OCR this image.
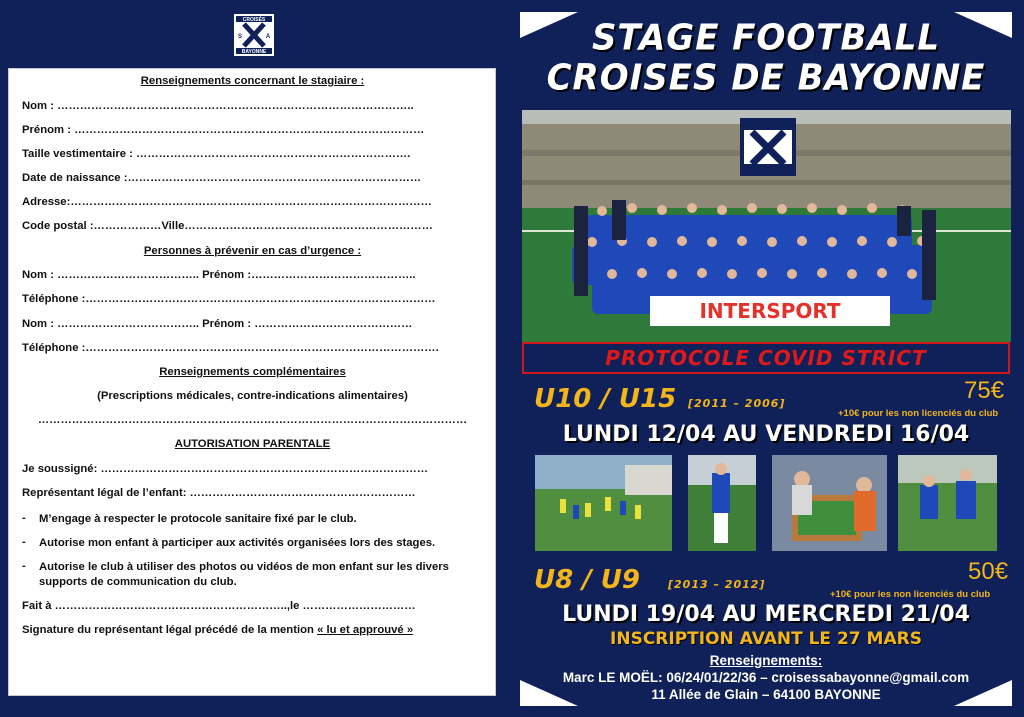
CROISÉS
S	A
BAYONNE
Renseignements concernant le stagiaire :
Nom : …………………………………………………………………………………..
Prénom : …………………………………………………………………………………
Taille vestimentaire : ……………………………………………………………….
Date de naissance :……………………………………………………………………
Adresse:……………………………………………………………………………………
Code postal :………………Ville…………………………………………………………
Personnes à prévenir en cas d’urgence :
Nom : ……………………………….. Prénom :……………………………………..
Téléphone :…………………………………………………………………………………
Nom : ……………………………….. Prénom : ……………………………………
Téléphone :………………………………………………………………………………….
Renseignements complémentaires
(Prescriptions médicales, contre-indications alimentaires)
……………………………………………………………………………………………………
AUTORISATION PARENTALE
Je soussigné: ……………………………………………………………………………
Représentant légal de l’enfant: ……………………………………………………
- M’engage à respecter le protocole sanitaire fixé par le club.
- Autorise mon enfant à participer aux activités organisées lors des stages.
- Autorise le club à utiliser des photos ou vidéos de mon enfant sur les divers supports de communication du club.
Fait à ……………………………………………………..,le …………………………
Signature du représentant légal précédé de la mention « lu et approuvé »
STAGE FOOTBALL
CROISES DE BAYONNE
INTERSPORT
PROTOCOLE COVID STRICT
U10 / U15 [2011 – 2006]	75€
+10€ pour les non licenciés du club
LUNDI 12/04 AU VENDREDI 16/04
U8 / U9	[2013 – 2012]	50€
+10€ pour les non licenciés du club
LUNDI 19/04 AU MERCREDI 21/04
INSCRIPTION AVANT LE 27 MARS
Renseignements:
Marc LE MOËL: 06/24/01/22/36 – croisessabayonne@gmail.com
11 Allée de Glain – 64100 BAYONNE
